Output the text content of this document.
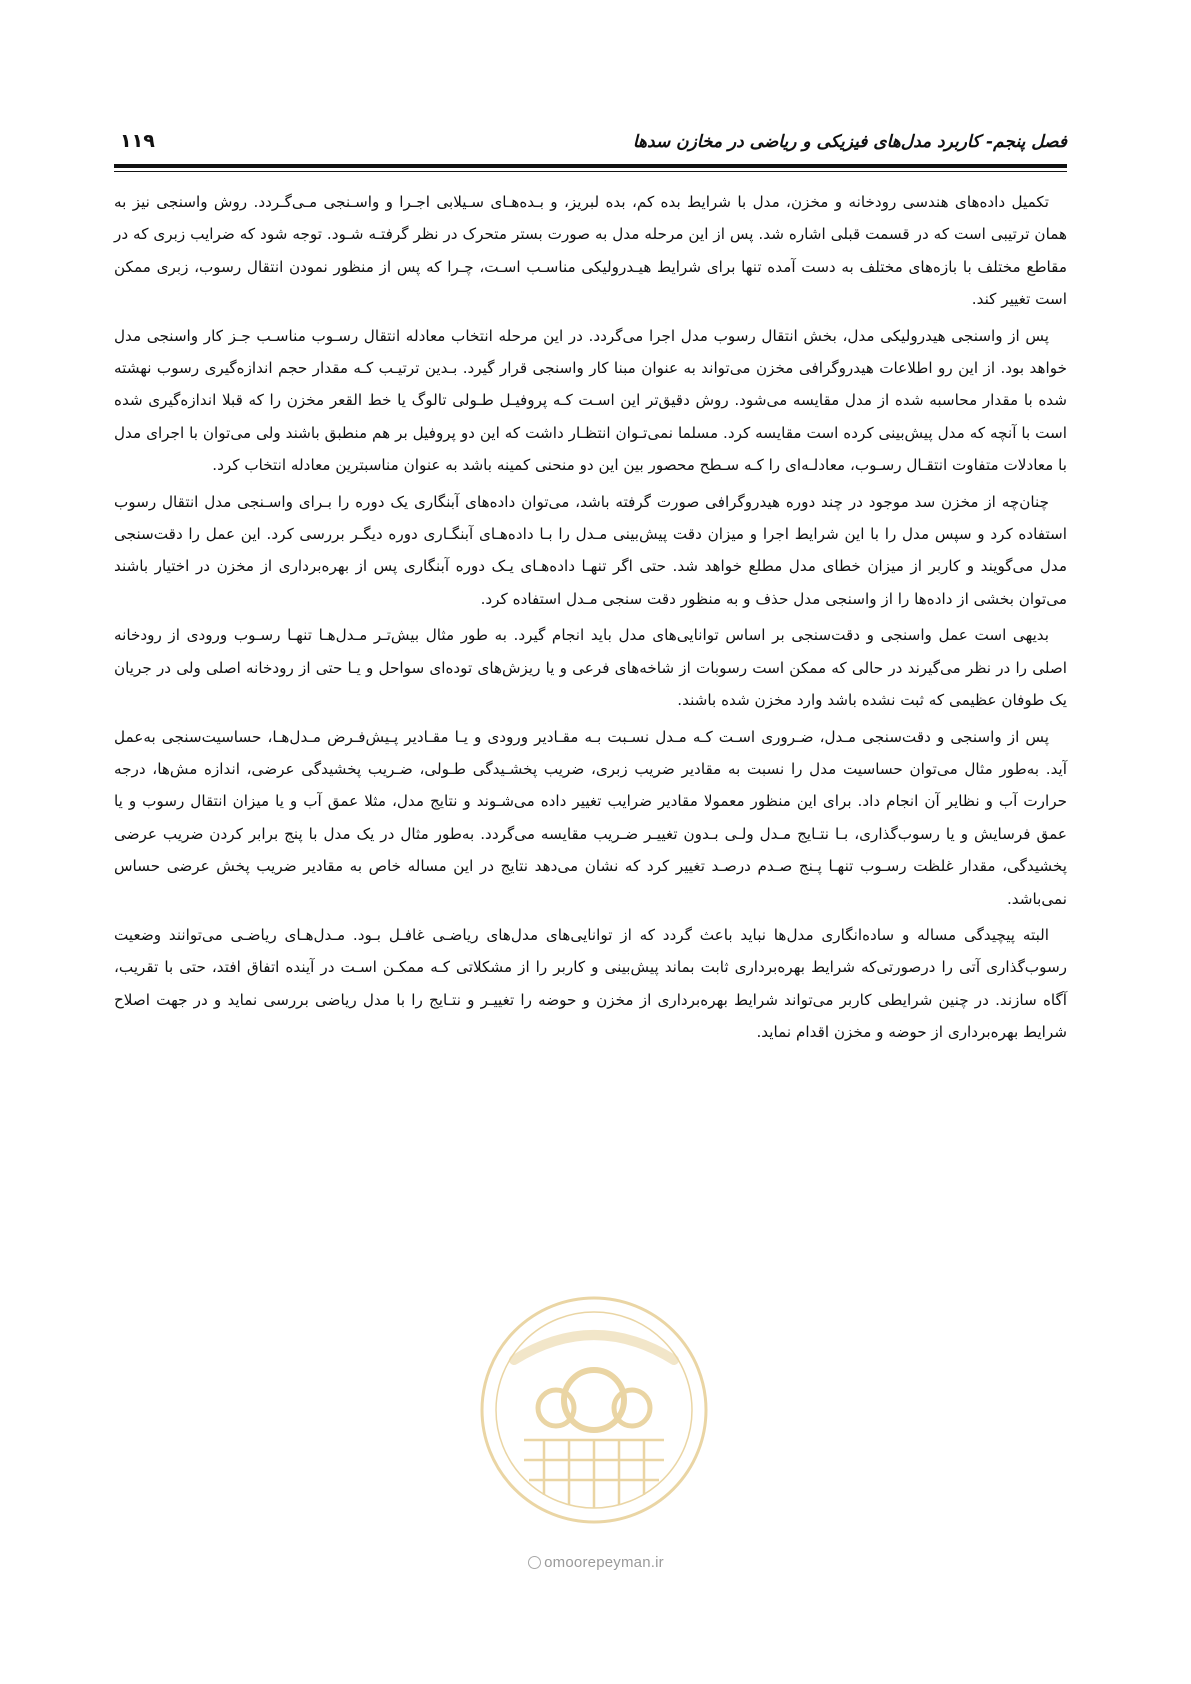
فصل پنجم- کاربرد مدل‌های فیزیکی و ریاضی در مخازن سدها
۱۱۹

تکمیل داده‌های هندسی رودخانه و مخزن، مدل با شرایط بده کم، بده لبریز، و بـده‌هـای سـیلابی اجـرا و واسـنجی مـی‌گـردد. روش واسنجی نیز به همان ترتیبی است که در قسمت قبلی اشاره شد. پس از این مرحله مدل به صورت بستر متحرک در نظر گرفتـه شـود. توجه شود که ضرایب زبری که در مقاطع مختلف با بازه‌های مختلف به دست آمده تنها برای شرایط هیـدرولیکی مناسـب اسـت، چـرا که پس از منظور نمودن انتقال رسوب، زبری ممکن است تغییر کند.

پس از واسنجی هیدرولیکی مدل، بخش انتقال رسوب مدل اجرا می‌گردد. در این مرحله انتخاب معادله انتقال رسـوب مناسـب جـز کار واسنجی مدل خواهد بود. از این رو اطلاعات هیدروگرافی مخزن می‌تواند به عنوان مبنا کار واسنجی قرار گیرد. بـدین ترتیـب کـه مقدار حجم اندازه‌گیری رسوب نهشته شده با مقدار محاسبه شده از مدل مقایسه می‌شود. روش دقیق‌تر این اسـت کـه پروفیـل طـولی تالوگ یا خط القعر مخزن را که قبلا اندازه‌گیری شده است با آنچه که مدل پیش‌بینی کرده است مقایسه کرد. مسلما نمی‌تـوان انتظـار داشت که این دو پروفیل بر هم منطبق باشند ولی می‌توان با اجرای مدل با معادلات متفاوت انتقـال رسـوب، معادلـه‌ای را کـه سـطح محصور بین این دو منحنی کمینه باشد به عنوان مناسبترین معادله انتخاب کرد.

چنان‌چه از مخزن سد موجود در چند دوره هیدروگرافی صورت گرفته باشد، می‌توان داده‌های آبنگاری یک دوره را بـرای واسـنجی مدل انتقال رسوب استفاده کرد و سپس مدل را با این شرایط اجرا و میزان دقت پیش‌بینی مـدل را بـا داده‌هـای آبنگـاری دوره دیگـر بررسی کرد. این عمل را دقت‌سنجی مدل می‌گویند و کاربر از میزان خطای مدل مطلع خواهد شد. حتی اگر تنهـا داده‌هـای یـک دوره آبنگاری پس از بهره‌برداری از مخزن در اختیار باشند می‌توان بخشی از داده‌ها را از واسنجی مدل حذف و به منظور دقت سنجی مـدل استفاده کرد.

بدیهی است عمل واسنجی و دقت‌سنجی بر اساس توانایی‌های مدل باید انجام گیرد. به طور مثال بیش‌تـر مـدل‌هـا تنهـا رسـوب ورودی از رودخانه اصلی را در نظر می‌گیرند در حالی که ممکن است رسوبات از شاخه‌های فرعی و یا ریزش‌های توده‌ای سواحل و یـا حتی از رودخانه اصلی ولی در جریان یک طوفان عظیمی که ثبت نشده باشد وارد مخزن شده باشند.

پس از واسنجی و دقت‌سنجی مـدل، ضـروری اسـت کـه مـدل نسـبت بـه مقـادیر ورودی و یـا مقـادیر پـیش‌فـرض مـدل‌هـا، حساسیت‌سنجی به‌عمل آید. به‌طور مثال می‌توان حساسیت مدل را نسبت به مقادیر ضریب زبری، ضریب پخشـیدگی طـولی، ضـریب پخشیدگی عرضی، اندازه مش‌ها، درجه حرارت آب و نظایر آن انجام داد. برای این منظور معمولا مقادیر ضرایب تغییر داده می‌شـوند و نتایج مدل، مثلا عمق آب و یا میزان انتقال رسوب و یا عمق فرسایش و یا رسوب‌گذاری، بـا نتـایج مـدل ولـی بـدون تغییـر ضـریب مقایسه می‌گردد. به‌طور مثال در یک مدل با پنج برابر کردن ضریب عرضی پخشیدگی، مقدار غلظت رسـوب تنهـا پـنج صـدم درصـد تغییر کرد که نشان می‌دهد نتایج در این مساله خاص به مقادیر ضریب پخش عرضی حساس نمی‌باشد.

البته پیچیدگی مساله و ساده‌انگاری مدل‌ها نباید باعث گردد که از توانایی‌های مدل‌های ریاضـی غافـل بـود. مـدل‌هـای ریاضـی می‌توانند وضعیت رسوب‌گذاری آتی را درصورتی‌که شرایط بهره‌برداری ثابت بماند پیش‌بینی و کاربر را از مشکلاتی کـه ممکـن اسـت در آینده اتفاق افتد، حتی با تقریب، آگاه سازند. در چنین شرایطی کاربر می‌تواند شرایط بهره‌برداری از مخزن و حوضه را تغییـر و نتـایج را با مدل ریاضی بررسی نماید و در جهت اصلاح شرایط بهره‌برداری از حوضه و مخزن اقدام نماید.

omoorepeyman.ir
